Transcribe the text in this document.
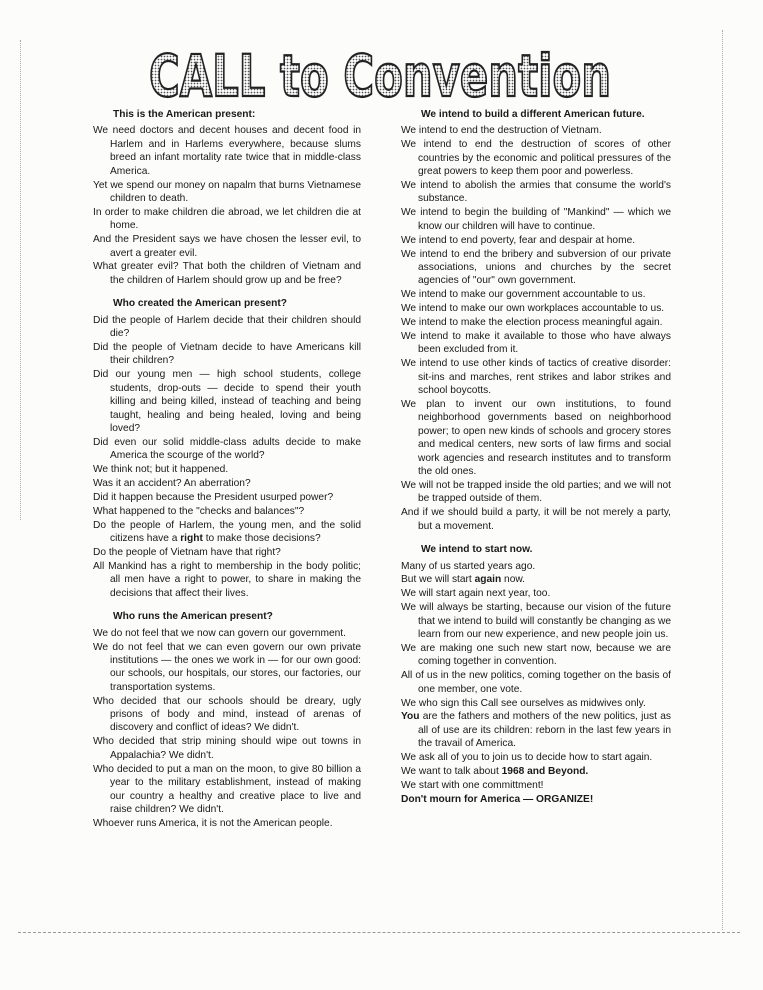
CALL to Convention
This is the American present:

We need doctors and decent houses and decent food in Harlem and in Harlems everywhere, because slums breed an infant mortality rate twice that in middle-class America.

Yet we spend our money on napalm that burns Vietnamese children to death.

In order to make children die abroad, we let children die at home.

And the President says we have chosen the lesser evil, to avert a greater evil.

What greater evil? That both the children of Vietnam and the children of Harlem should grow up and be free?

Who created the American present?

Did the people of Harlem decide that their children should die?

Did the people of Vietnam decide to have Americans kill their children?

Did our young men — high school students, college students, drop-outs — decide to spend their youth killing and being killed, instead of teaching and being taught, healing and being healed, loving and being loved?

Did even our solid middle-class adults decide to make America the scourge of the world?

We think not; but it happened.

Was it an accident? An aberration?

Did it happen because the President usurped power?

What happened to the "checks and balances"?

Do the people of Harlem, the young men, and the solid citizens have a right to make those decisions?

Do the people of Vietnam have that right?

All Mankind has a right to membership in the body politic; all men have a right to power, to share in making the decisions that affect their lives.

Who runs the American present?

We do not feel that we now can govern our government.

We do not feel that we can even govern our own private institutions — the ones we work in — for our own good: our schools, our hospitals, our stores, our factories, our transportation systems.

Who decided that our schools should be dreary, ugly prisons of body and mind, instead of arenas of discovery and conflict of ideas? We didn't.

Who decided that strip mining should wipe out towns in Appalachia? We didn't.

Who decided to put a man on the moon, to give 80 billion a year to the military establishment, instead of making our country a healthy and creative place to live and raise children? We didn't.

Whoever runs America, it is not the American people.

We intend to build a different American future.

We intend to end the destruction of Vietnam.

We intend to end the destruction of scores of other countries by the economic and political pressures of the great powers to keep them poor and powerless.

We intend to abolish the armies that consume the world's substance.

We intend to begin the building of "Mankind" — which we know our children will have to continue.

We intend to end poverty, fear and despair at home.

We intend to end the bribery and subversion of our private associations, unions and churches by the secret agencies of "our" own government.

We intend to make our government accountable to us.

We intend to make our own workplaces accountable to us.

We intend to make the election process meaningful again.

We intend to make it available to those who have always been excluded from it.

We intend to use other kinds of tactics of creative disorder: sit-ins and marches, rent strikes and labor strikes and school boycotts.

We plan to invent our own institutions, to found neighborhood governments based on neighborhood power; to open new kinds of schools and grocery stores and medical centers, new sorts of law firms and social work agencies and research institutes and to transform the old ones.

We will not be trapped inside the old parties; and we will not be trapped outside of them.

And if we should build a party, it will be not merely a party, but a movement.

We intend to start now.

Many of us started years ago.

But we will start again now.

We will start again next year, too.

We will always be starting, because our vision of the future that we intend to build will constantly be changing as we learn from our new experience, and new people join us.

We are making one such new start now, because we are coming together in convention.

All of us in the new politics, coming together on the basis of one member, one vote.

We who sign this Call see ourselves as midwives only.

You are the fathers and mothers of the new politics, just as all of use are its children: reborn in the last few years in the travail of America.

We ask all of you to join us to decide how to start again.

We want to talk about 1968 and Beyond.

We start with one committment!

Don't mourn for America — ORGANIZE!
